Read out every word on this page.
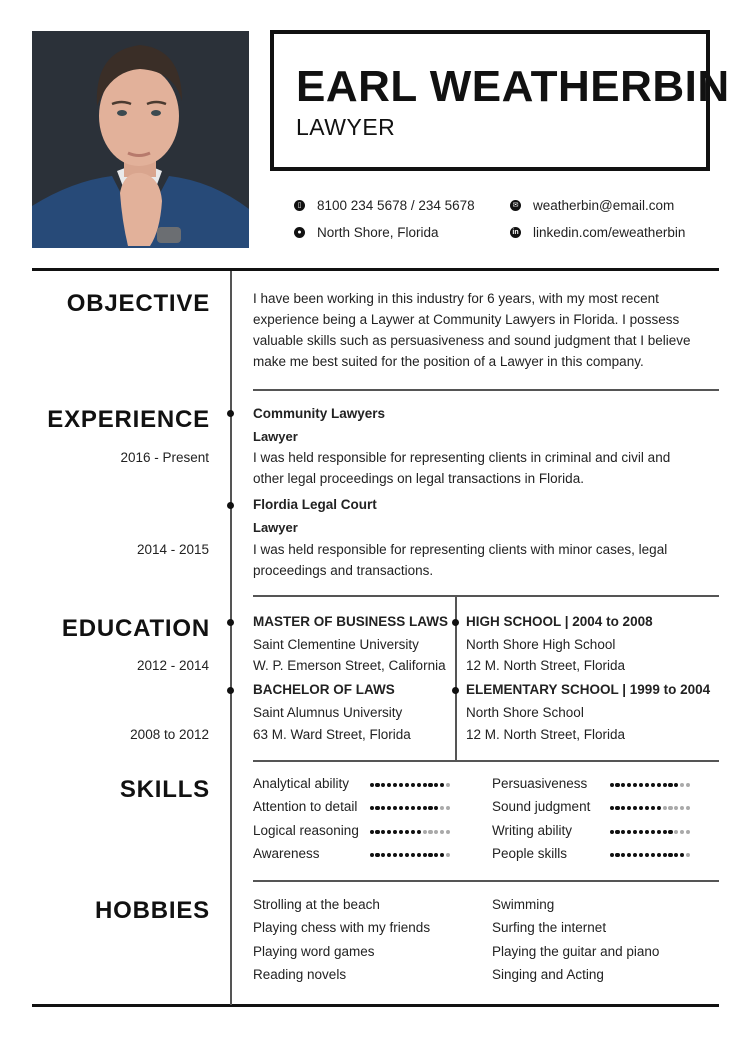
EARL WEATHERBIN
LAWYER
▯ 8100 234 5678 / 234 5678
● North Shore, Florida
✉ weatherbin@email.com
in linkedin.com/eweatherbin
OBJECTIVE	I have been working in this industry for 6 years, with my most recent experience being a Laywer at Community Lawyers in Florida. I possess valuable skills such as persuasiveness and sound judgment that I believe make me best suited for the position of a Lawyer in this company.
EXPERIENCE	Community Lawyers
Lawyer
2016 - Present	I was held responsible for representing clients in criminal and civil and
other legal proceedings on legal transactions in Florida.
Flordia Legal Court
Lawyer
2014 - 2015	I was held responsible for representing clients with minor cases, legal
proceedings and transactions.
EDUCATION	MASTER OF BUSINESS LAWS
Saint Clementine University
2012 - 2014	W. P. Emerson Street, California
BACHELOR OF LAWS
Saint Alumnus University
2008 to 2012	63 M. Ward Street, Florida
HIGH SCHOOL | 2004 to 2008
North Shore High School
12 M. North Street, Florida
ELEMENTARY SCHOOL | 1999 to 2004
North Shore School
12 M. North Street, Florida
SKILLS	Analytical ability
Attention to detail
Logical reasoning
Awareness
Persuasiveness
Sound judgment
Writing ability
People skills
HOBBIES	Strolling at the beach
Playing chess with my friends
Playing word games
Reading novels
Swimming
Surfing the internet
Playing the guitar and piano
Singing and Acting
